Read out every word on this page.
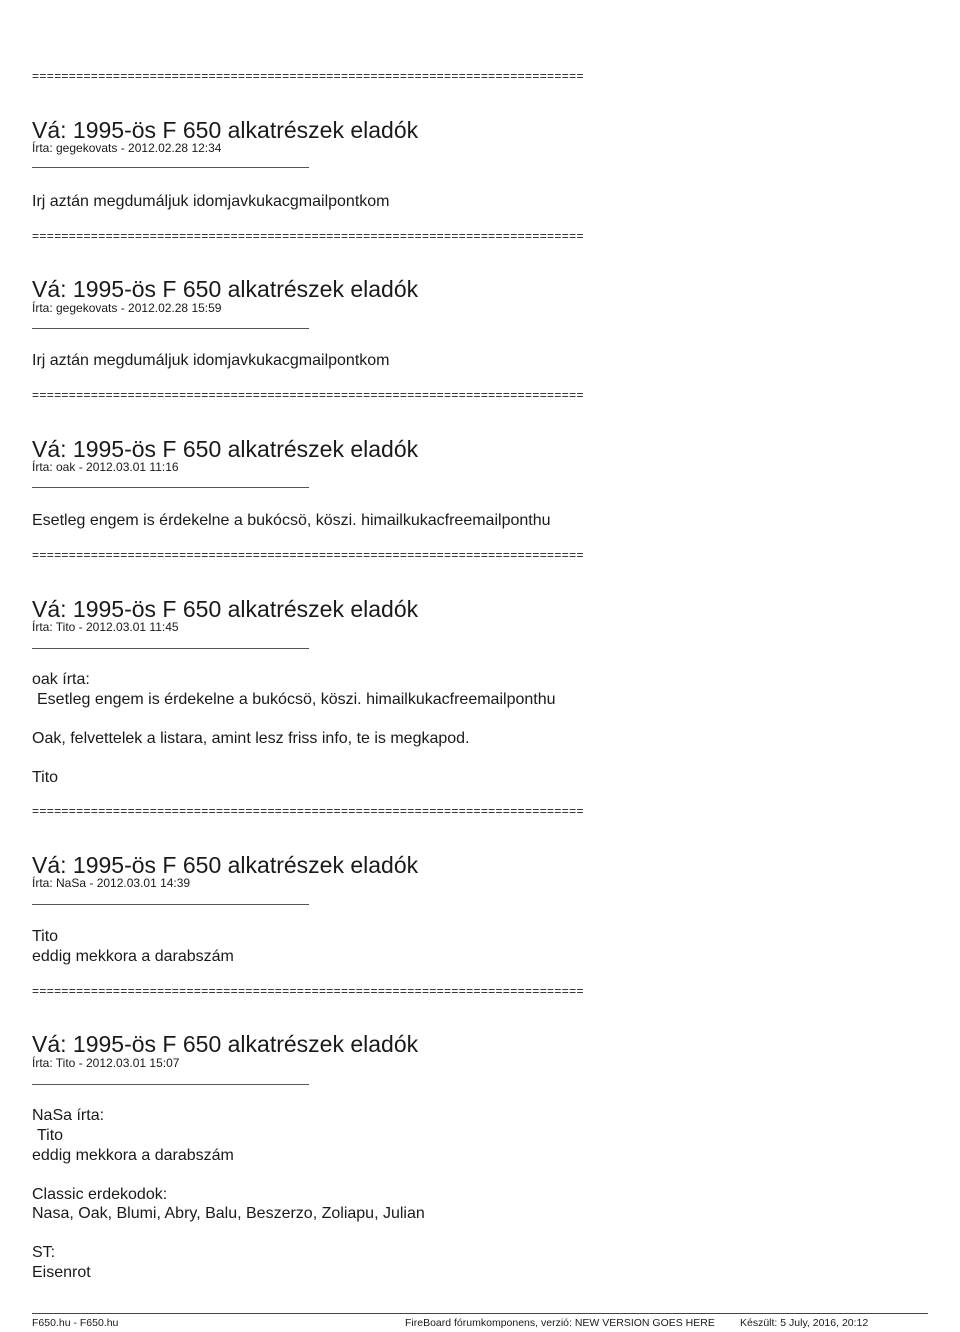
===========================================================================
Vá: 1995-ös F 650 alkatrészek eladók
Írta: gegekovats - 2012.02.28 12:34
Irj aztán megdumáljuk idomjavkukacgmailpontkom
===========================================================================
Vá: 1995-ös F 650 alkatrészek eladók
Írta: gegekovats - 2012.02.28 15:59
Irj aztán megdumáljuk idomjavkukacgmailpontkom
===========================================================================
Vá: 1995-ös F 650 alkatrészek eladók
Írta: oak - 2012.03.01 11:16
Esetleg engem is érdekelne a bukócsö, köszi. himailkukacfreemailponthu
===========================================================================
Vá: 1995-ös F 650 alkatrészek eladók
Írta: Tito - 2012.03.01 11:45
oak írta:
Esetleg engem is érdekelne a bukócsö, köszi. himailkukacfreemailponthu
Oak, felvettelek a listara, amint lesz friss info, te is megkapod.
Tito
===========================================================================
Vá: 1995-ös F 650 alkatrészek eladók
Írta: NaSa - 2012.03.01 14:39
Tito
eddig mekkora a darabszám
===========================================================================
Vá: 1995-ös F 650 alkatrészek eladók
Írta: Tito - 2012.03.01 15:07
NaSa írta:
Tito
eddig mekkora a darabszám
Classic erdekodok:
Nasa, Oak, Blumi, Abry, Balu, Beszerzo, Zoliapu, Julian
ST:
Eisenrot
F650.hu - F650.hu	FireBoard fórumkomponens, verzió: NEW VERSION GOES HERE Készült: 5 July, 2016, 20:12
